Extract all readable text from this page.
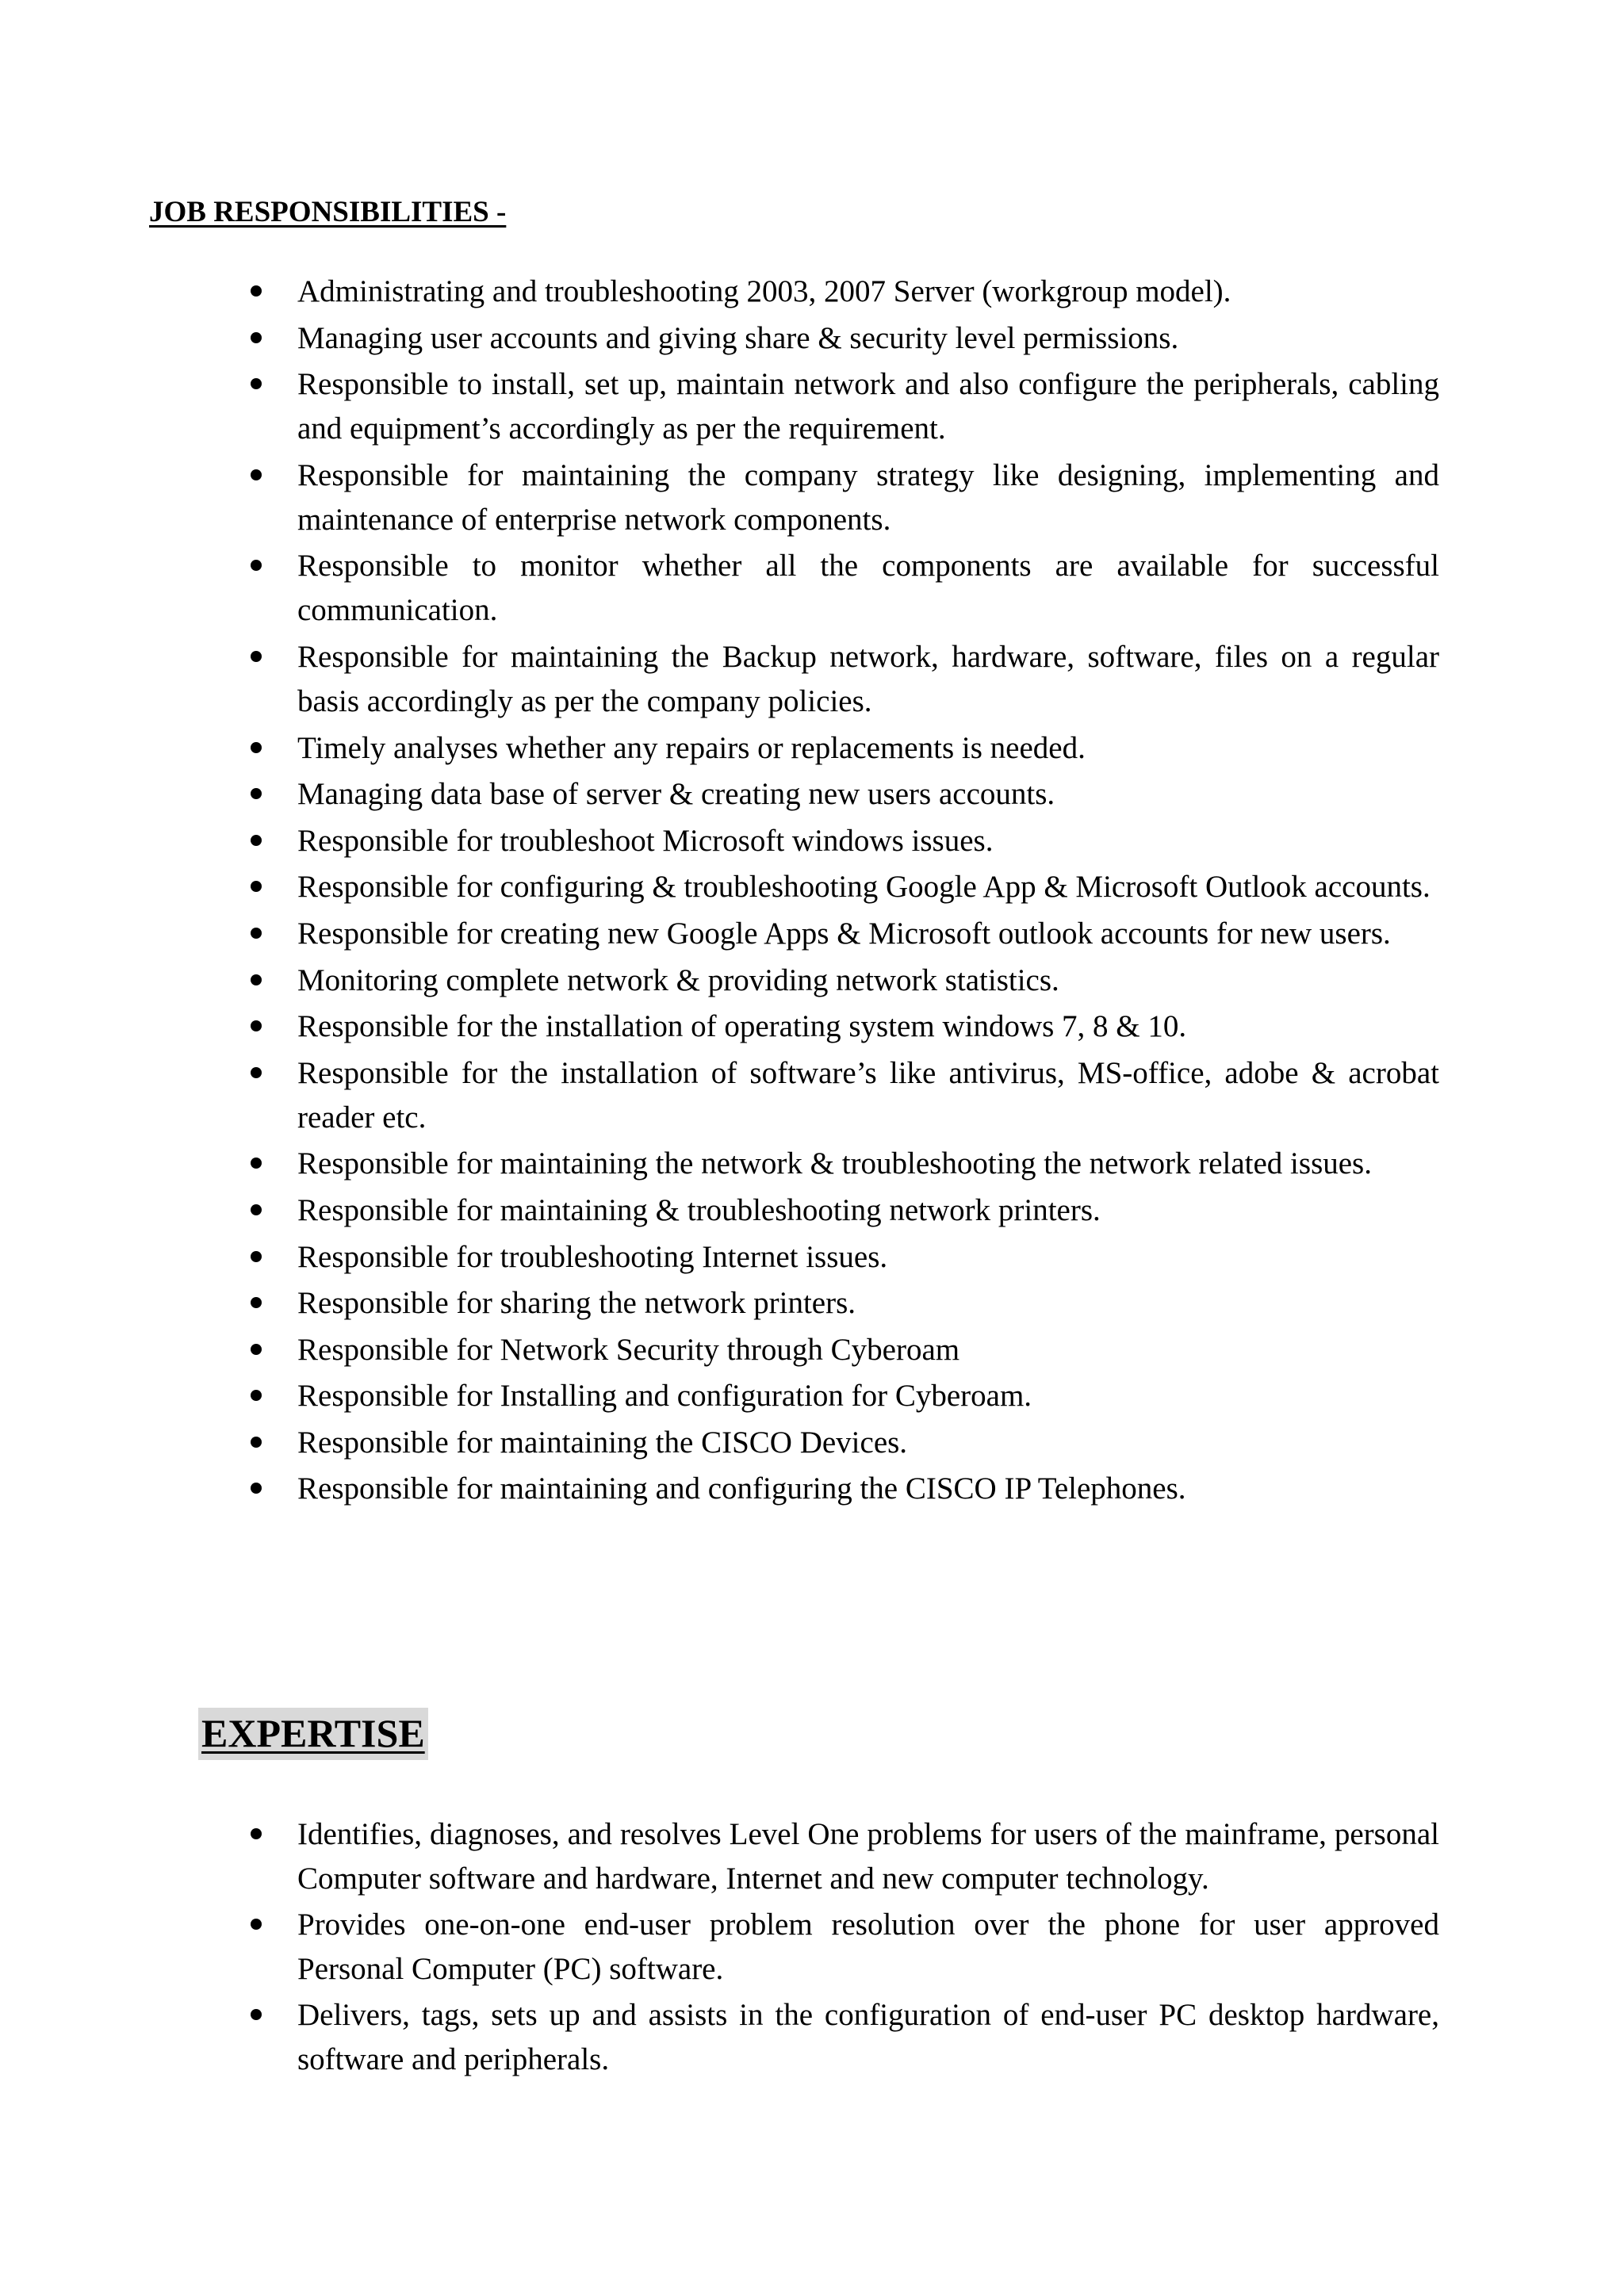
JOB RESPONSIBILITIES -
Administrating and troubleshooting 2003, 2007 Server (workgroup model).
Managing user accounts and giving share & security level permissions.
Responsible to install, set up, maintain network and also configure the peripherals, cabling and equipment’s accordingly as per the requirement.
Responsible for maintaining the company strategy like designing, implementing and maintenance of enterprise network components.
Responsible to monitor whether all the components are available for successful communication.
Responsible for maintaining the Backup network, hardware, software, files on a regular basis accordingly as per the company policies.
Timely analyses whether any repairs or replacements is needed.
Managing data base of server & creating new users accounts.
Responsible for troubleshoot Microsoft windows issues.
Responsible for configuring & troubleshooting Google App & Microsoft Outlook accounts.
Responsible for creating new Google Apps & Microsoft outlook accounts for new users.
Monitoring complete network & providing network statistics.
Responsible for the installation of operating system windows 7, 8 & 10.
Responsible for the installation of software’s like antivirus, MS-office, adobe & acrobat reader etc.
Responsible for maintaining the network & troubleshooting the network related issues.
Responsible for maintaining & troubleshooting network printers.
Responsible for troubleshooting Internet issues.
Responsible for sharing the network printers.
Responsible for Network Security through Cyberoam
Responsible for Installing and configuration for Cyberoam.
Responsible for maintaining the CISCO Devices.
Responsible for maintaining and configuring the CISCO IP Telephones.
EXPERTISE
Identifies, diagnoses, and resolves Level One problems for users of the mainframe, personal Computer software and hardware, Internet and new computer technology.
Provides one-on-one end-user problem resolution over the phone for user approved Personal Computer (PC) software.
Delivers, tags, sets up and assists in the configuration of end-user PC desktop hardware, software and peripherals.
